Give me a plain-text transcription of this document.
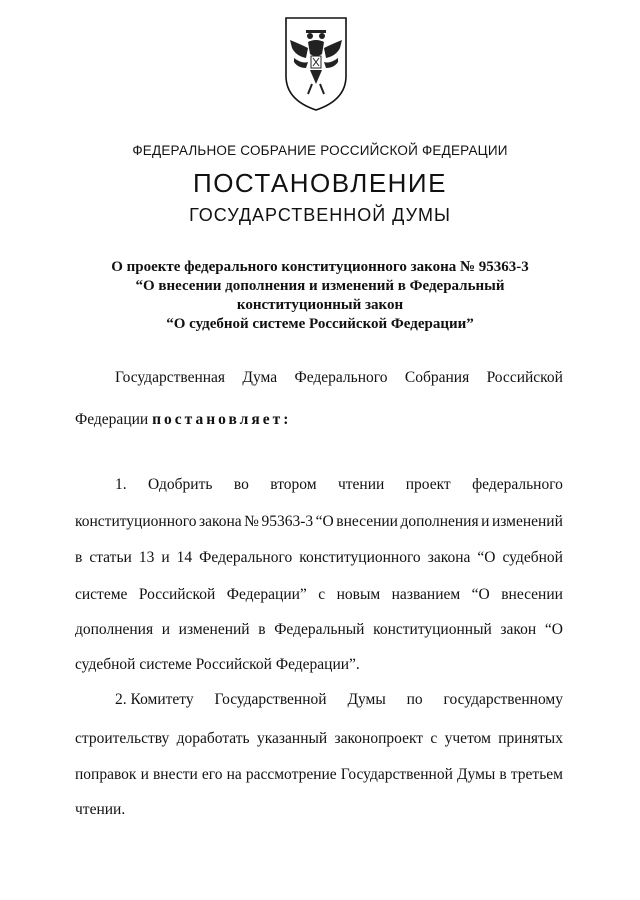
ФЕДЕРАЛЬНОЕ СОБРАНИЕ РОССИЙСКОЙ ФЕДЕРАЦИИ
ПОСТАНОВЛЕНИЕ
ГОСУДАРСТВЕННОЙ ДУМЫ
О проекте федерального конституционного закона № 95363-3
“О внесении дополнения и изменений в Федеральный
конституционный закон
“О судебной системе Российской Федерации”
Государственная Дума Федерального Собрания Российской
Федерации постановляет:
1. Одобрить во втором чтении проект федерального
конституционного закона № 95363-3 “О внесении дополнения и изменений
в статьи 13 и 14 Федерального конституционного закона “О судебной
системе Российской Федерации” с новым названием “О внесении
дополнения и изменений в Федеральный конституционный закон “О
судебной системе Российской Федерации”.
2. Комитету Государственной Думы по государственному
строительству доработать указанный законопроект с учетом принятых
поправок и внести его на рассмотрение Государственной Думы в третьем
чтении.
